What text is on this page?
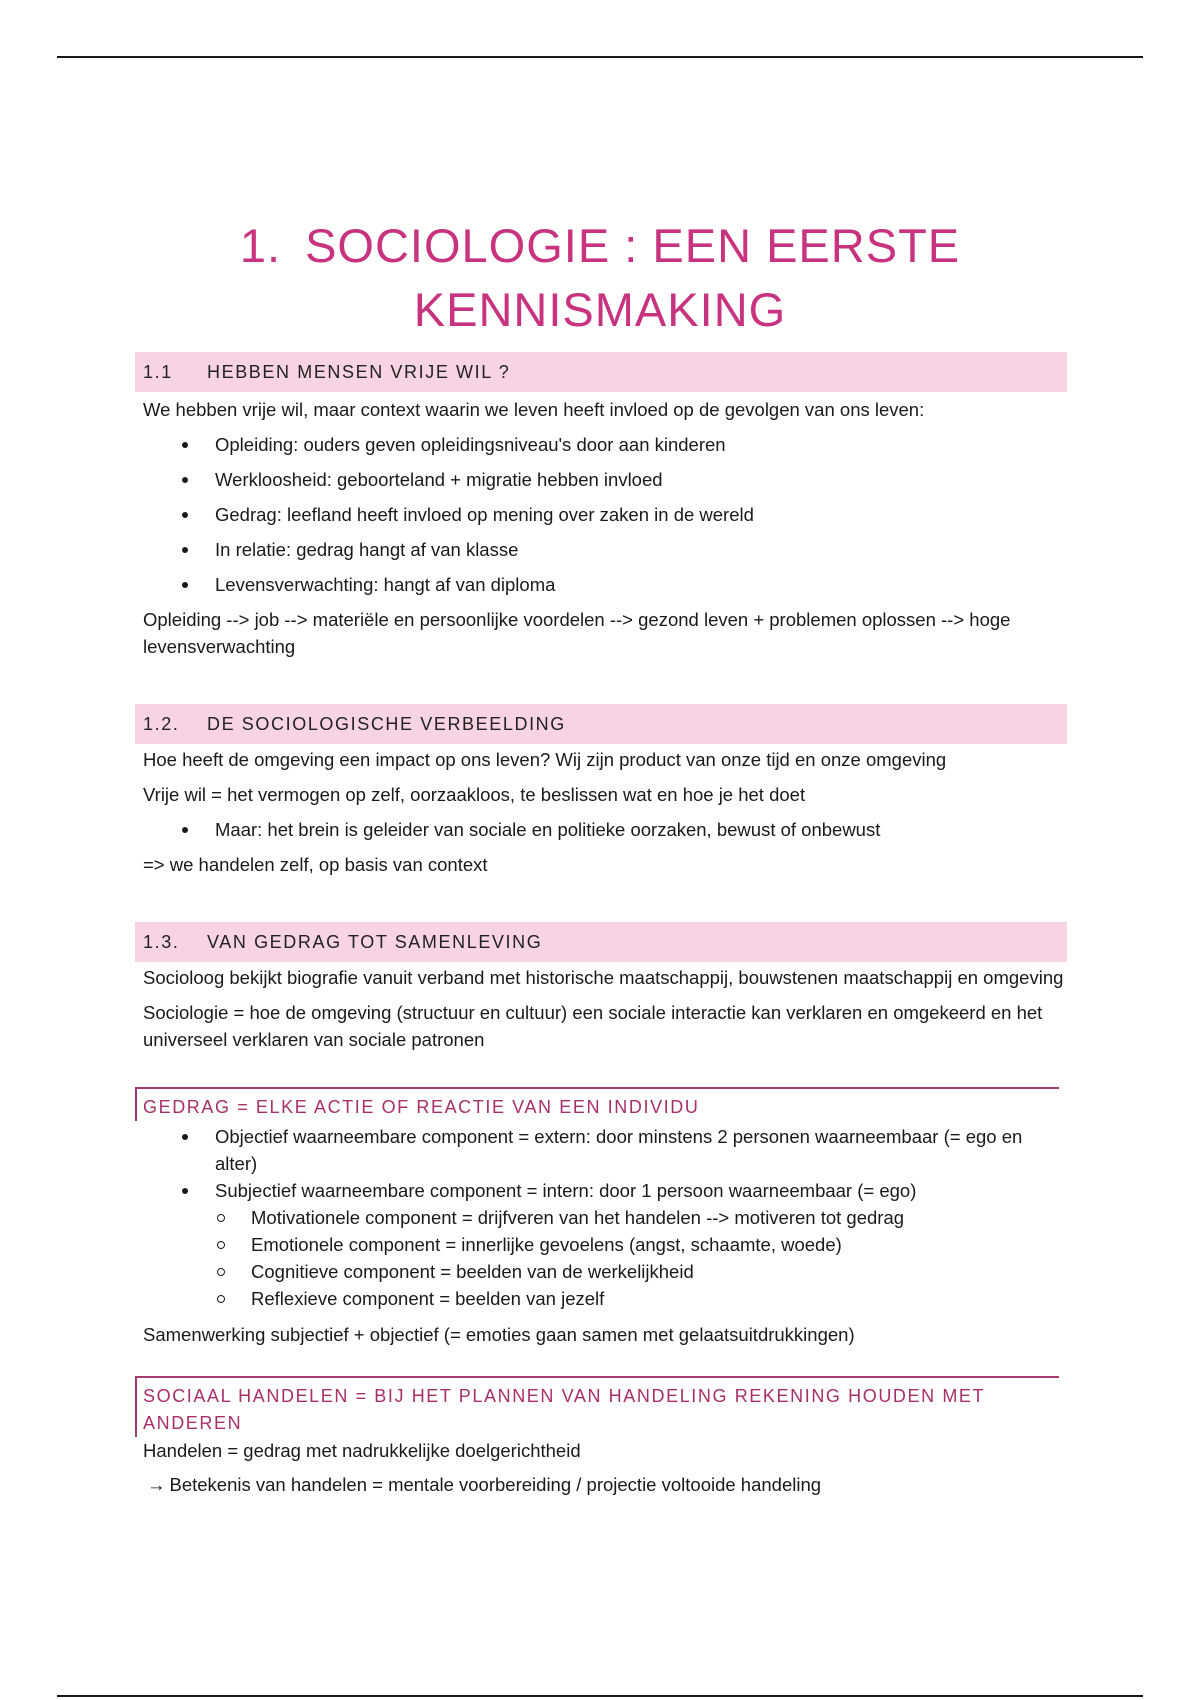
1. SOCIOLOGIE : EEN EERSTE
KENNISMAKING
1.1	HEBBEN MENSEN VRIJE WIL ?

We hebben vrije wil, maar context waarin we leven heeft invloed op de gevolgen van ons leven:

Opleiding: ouders geven opleidingsniveau's door aan kinderen
Werkloosheid: geboorteland + migratie hebben invloed
Gedrag: leefland heeft invloed op mening over zaken in de wereld
In relatie: gedrag hangt af van klasse
Levensverwachting: hangt af van diploma

Opleiding --> job --> materiële en persoonlijke voordelen --> gezond leven + problemen oplossen --> hoge levensverwachting

1.2.	DE SOCIOLOGISCHE VERBEELDING

Hoe heeft de omgeving een impact op ons leven? Wij zijn product van onze tijd en onze omgeving

Vrije wil = het vermogen op zelf, oorzaakloos, te beslissen wat en hoe je het doet

Maar: het brein is geleider van sociale en politieke oorzaken, bewust of onbewust

=> we handelen zelf, op basis van context

1.3.	VAN GEDRAG TOT SAMENLEVING

Socioloog bekijkt biografie vanuit verband met historische maatschappij, bouwstenen maatschappij en omgeving

Sociologie = hoe de omgeving (structuur en cultuur) een sociale interactie kan verklaren en omgekeerd en het universeel verklaren van sociale patronen

GEDRAG = ELKE ACTIE OF REACTIE VAN EEN INDIVIDU
Objectief waarneembare component = extern: door minstens 2 personen waarneembaar (= ego en alter)
Subjectief waarneembare component = intern: door 1 persoon waarneembaar (= ego)
Motivationele component = drijfveren van het handelen --> motiveren tot gedrag
Emotionele component = innerlijke gevoelens (angst, schaamte, woede)
Cognitieve component = beelden van de werkelijkheid
Reflexieve component = beelden van jezelf

Samenwerking subjectief + objectief (= emoties gaan samen met gelaatsuitdrukkingen)

SOCIAAL HANDELEN = BIJ HET PLANNEN VAN HANDELING REKENING HOUDEN MET ANDEREN

Handelen = gedrag met nadrukkelijke doelgerichtheid

→ Betekenis van handelen = mentale voorbereiding / projectie voltooide handeling
